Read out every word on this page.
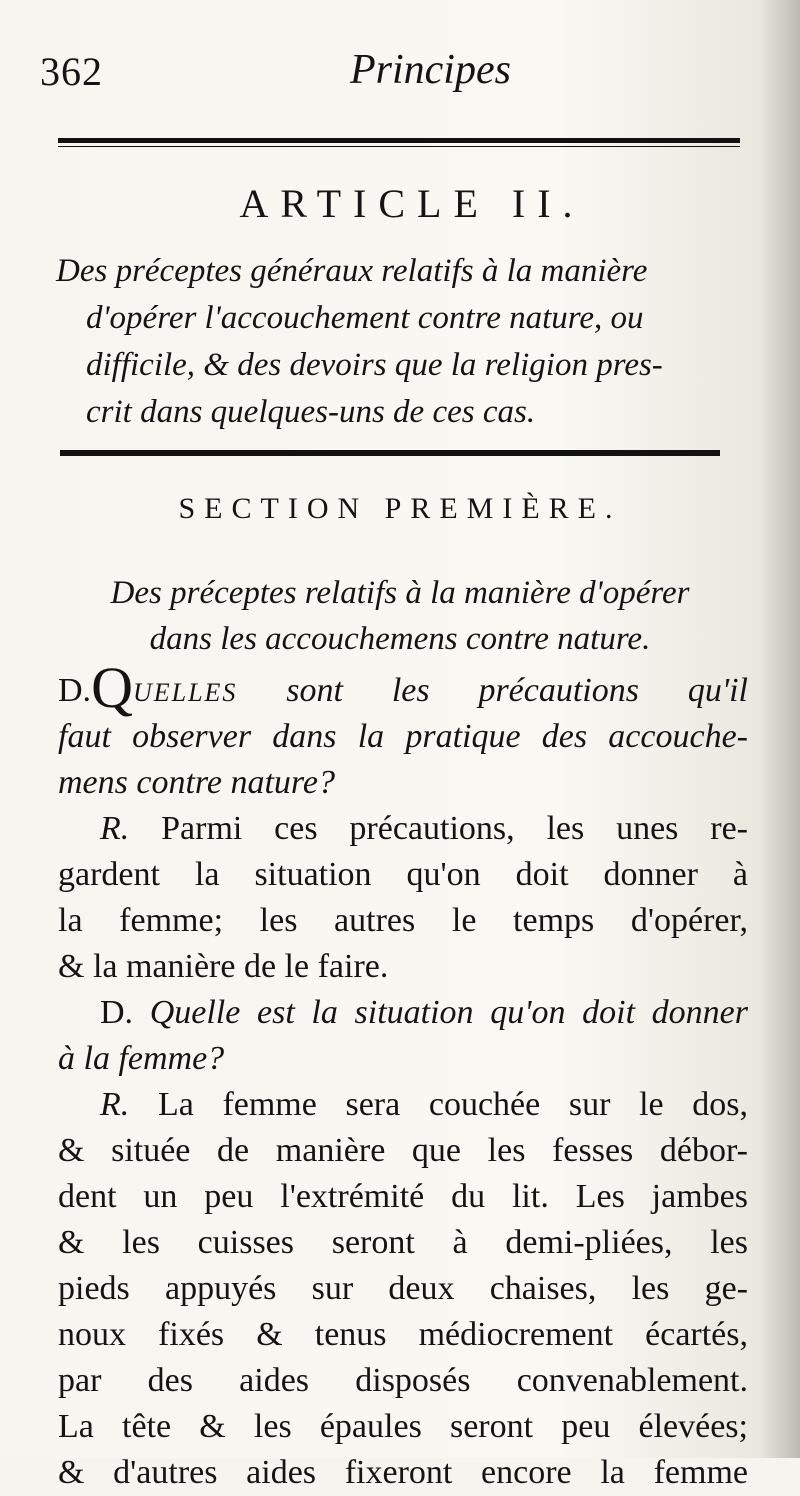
362	Principes
ARTICLE II.
Des préceptes généraux relatifs à la manière
d'opérer l'accouchement contre nature, ou
difficile, & des devoirs que la religion pres-
crit dans quelques-uns de ces cas.
SECTION PREMIÈRE.
Des préceptes relatifs à la manière d'opérer
dans les accouchemens contre nature.
D.QUELLES sont les précautions qu'il
faut observer dans la pratique des accouche-
mens contre nature?
R. Parmi ces précautions, les unes re-
gardent la situation qu'on doit donner à
la femme; les autres le temps d'opérer,
& la manière de le faire.
D. Quelle est la situation qu'on doit donner
à la femme?
R. La femme sera couchée sur le dos,
& située de manière que les fesses débor-
dent un peu l'extrémité du lit. Les jambes
& les cuisses seront à demi-pliées, les
pieds appuyés sur deux chaises, les ge-
noux fixés & tenus médiocrement écartés,
par des aides disposés convenablement.
La tête & les épaules seront peu élevées;
& d'autres aides fixeront encore la femme
